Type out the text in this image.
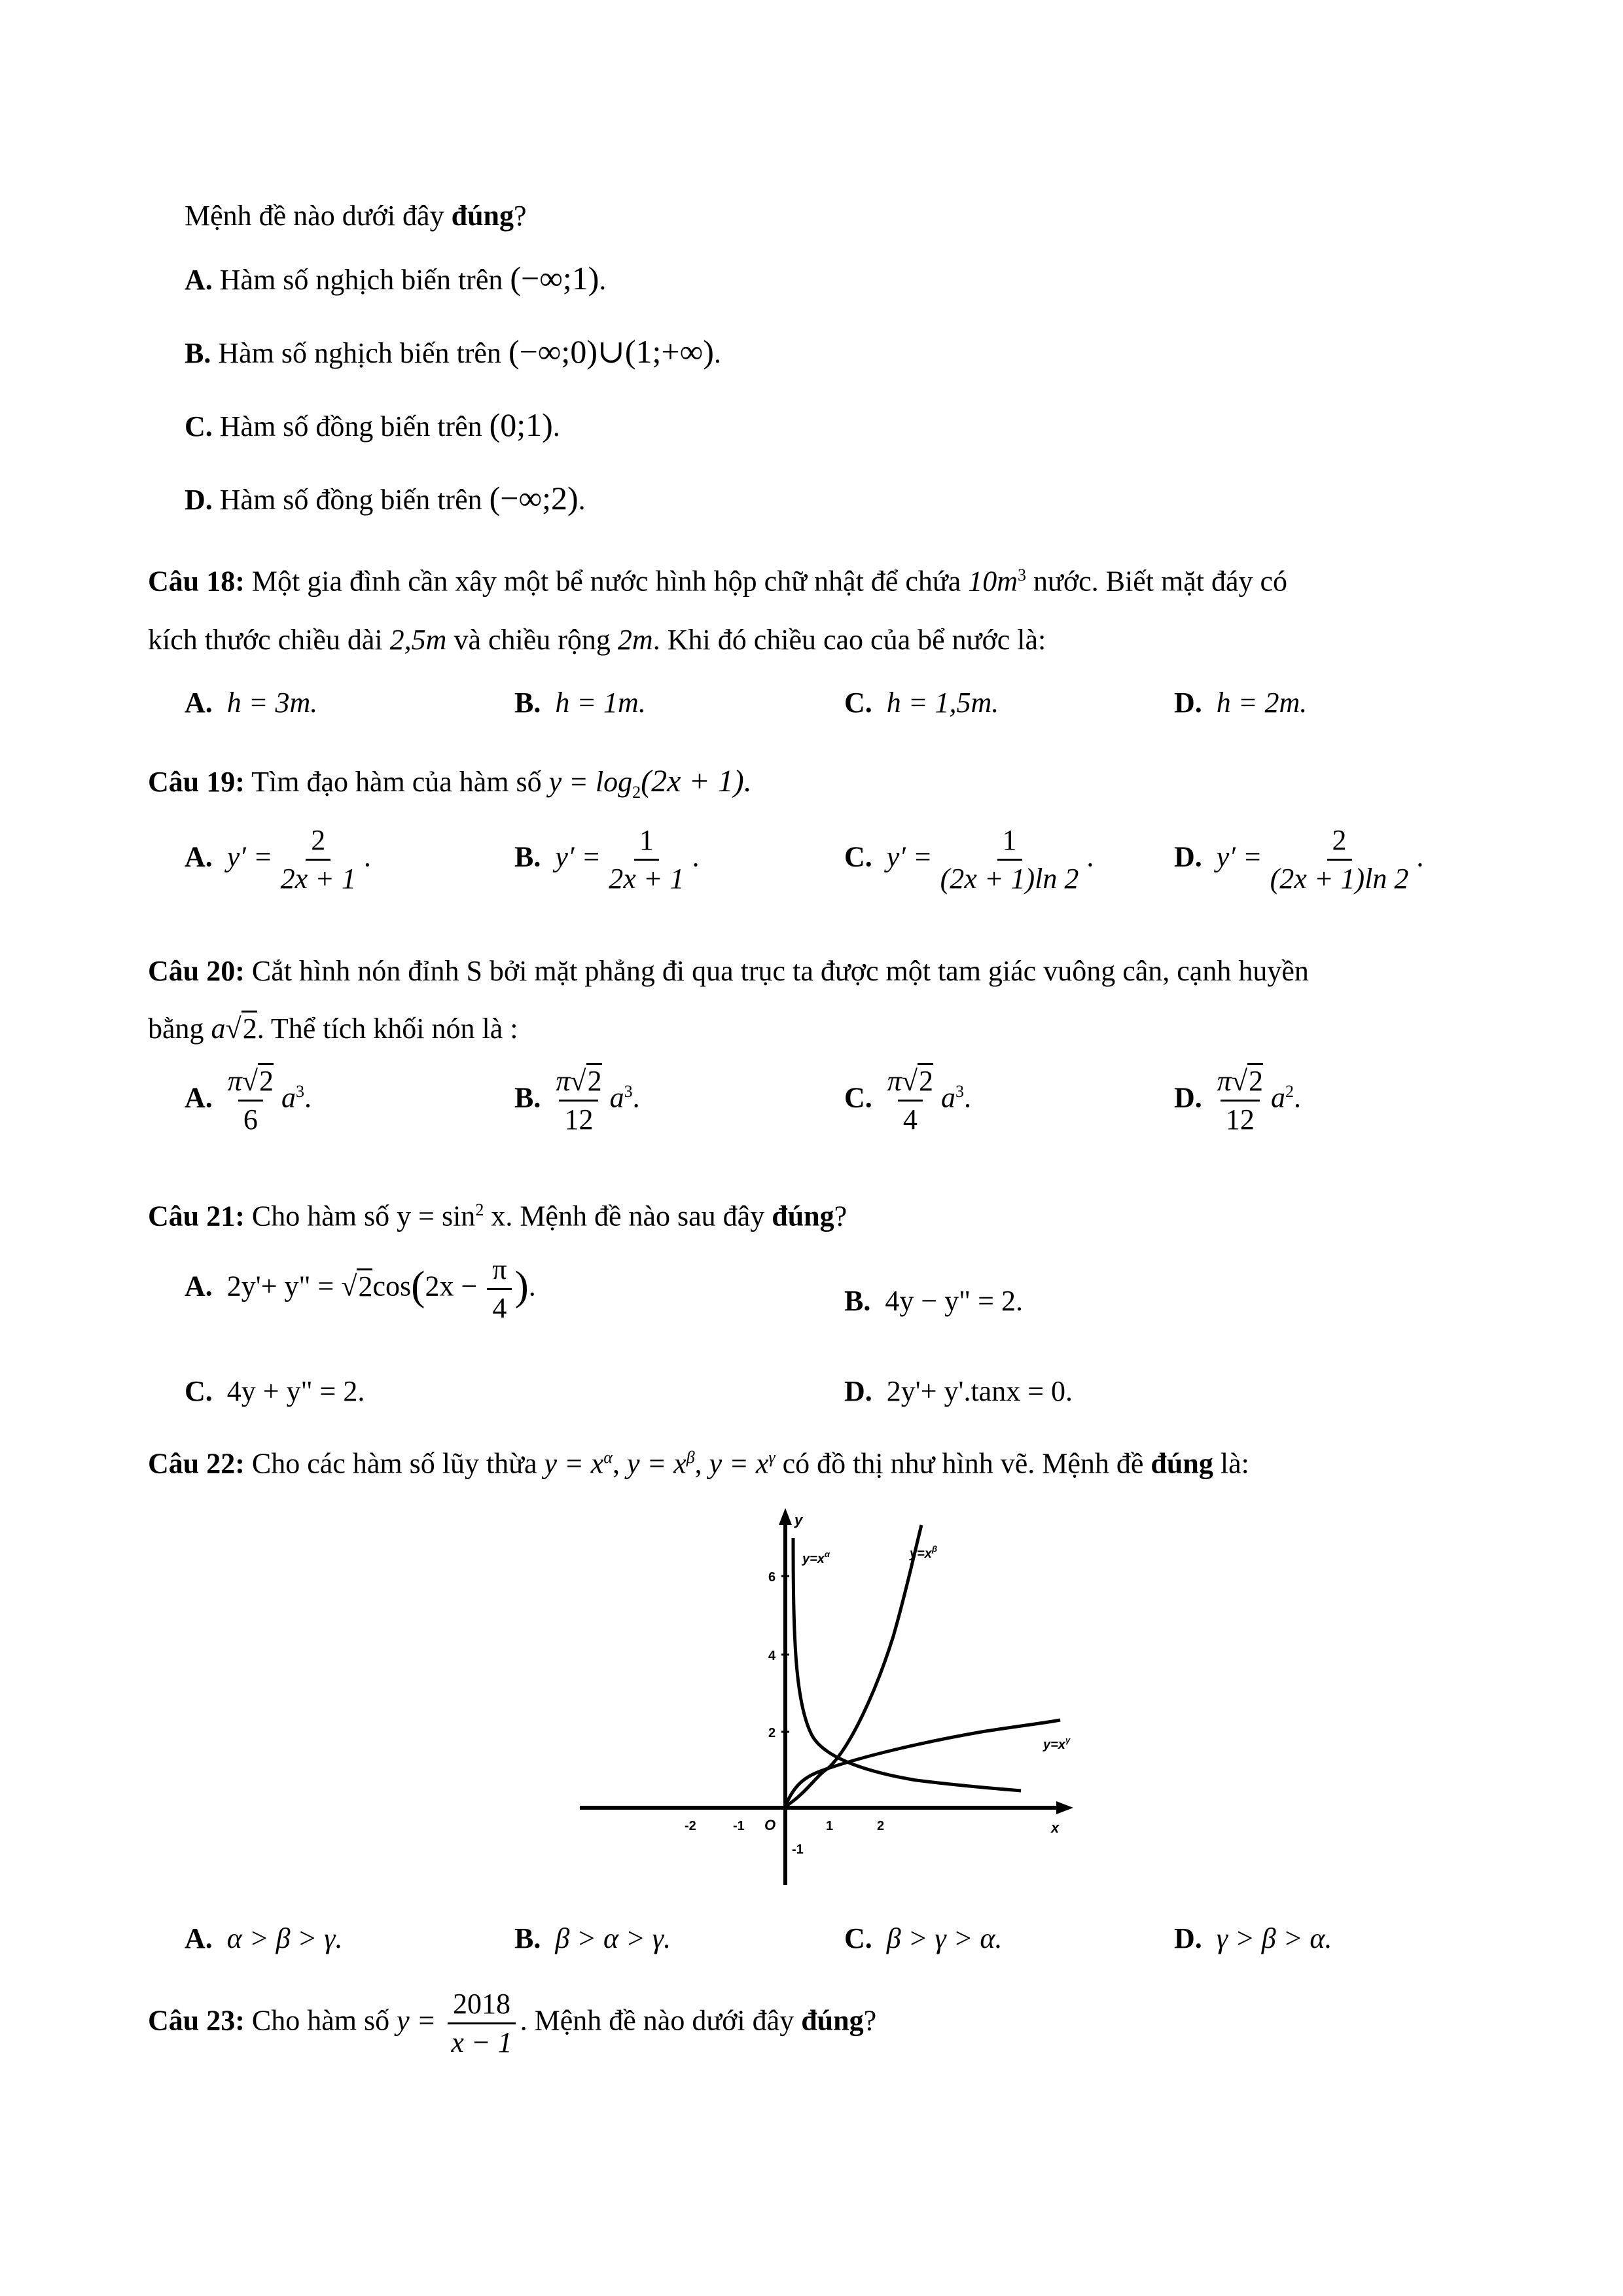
Mệnh đề nào dưới đây đúng?
A. Hàm số nghịch biến trên (−∞;1).
B. Hàm số nghịch biến trên (−∞;0)∪(1;+∞).
C. Hàm số đồng biến trên (0;1).
D. Hàm số đồng biến trên (−∞;2).
Câu 18: Một gia đình cần xây một bể nước hình hộp chữ nhật để chứa $10m^3$ nước. Biết mặt đáy có
kích thước chiều dài 2,5m và chiều rộng 2m. Khi đó chiều cao của bể nước là:
A. h = 3m.	B. h = 1m.	C. h = 1,5m.	D. h = 2m.
Câu 19: Tìm đạo hàm của hàm số $y = \log_2(2x + 1)$.
A. $y' = \frac{2}{2x + 1}$ .	B. $y' = \frac{1}{2x + 1}$ .	C. $y' = \frac{1}{(2x + 1)\ln 2}$ .	D. $y' = \frac{2}{(2x + 1)\ln 2}$ .
Câu 20: Cắt hình nón đỉnh S bởi mặt phẳng đi qua trục ta được một tam giác vuông cân, cạnh huyền
bằng a√2. Thể tích khối nón là :
A. $\frac{\pi√2}{6} a^3$.	B. $\frac{\pi√2}{12} a^3$.	C. $\frac{\pi√2}{4} a^3$.	D. $\frac{\pi√2}{12} a^2$.
Câu 21: Cho hàm số $y = \sin^2 x$. Mệnh đề nào sau đây đúng?
A. 2y'+ y" = $√2\cos(2x - \frac{\pi}{4}$ ).	B. 4y − y" = 2.
C. 4y + y" = 2.	D. 2y'+ y'.tanx = 0.
Câu 22: Cho các hàm số lũy thừa $y = x^\alpha$, $y = x^\beta$, $y = x^\gamma$ có đồ thị như hình vẽ. Mệnh đề đúng là:
y
x
O
-2	-1	1	2
6
4
2
-1
$y=x^\alpha$	$y=x^\beta$
$y=x^\gamma$
A. α > β > γ.	B. β > α > γ.	C. β > γ > α.	D. γ > β > α.
Câu 23: Cho hàm số $y = \frac{2018}{x - 1}$ . Mệnh đề nào dưới đây đúng?
